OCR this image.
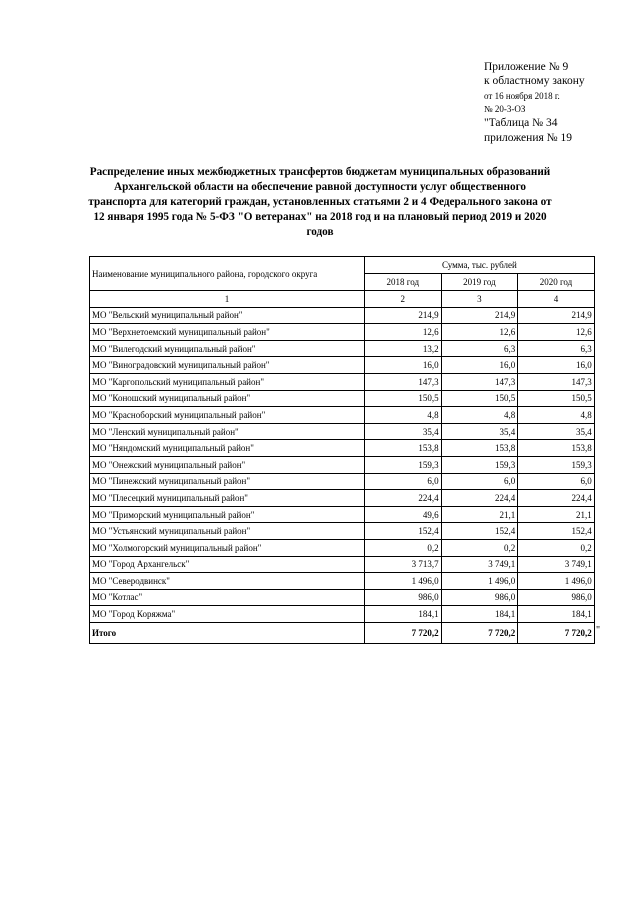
Приложение № 9
к областному закону
от 16 ноября 2018 г.
№ 20-3-ОЗ
"Таблица № 34
приложения № 19
Распределение иных межбюджетных трансфертов бюджетам муниципальных образований Архангельской области на обеспечение равной доступности услуг общественного транспорта для категорий граждан, установленных статьями 2 и 4 Федерального закона от 12 января 1995 года № 5-ФЗ "О ветеранах" на 2018 год и на плановый период 2019 и 2020 годов
Наименование муниципального района, городского округа	Сумма, тыс. рублей		
	2018 год	2019 год	2020 год
1	2	3	4
МО "Вельский муниципальный район"	214,9	214,9	214,9
МО "Верхнетоемский муниципальный район"	12,6	12,6	12,6
МО "Вилегодский муниципальный район"	13,2	6,3	6,3
МО "Виноградовский муниципальный район"	16,0	16,0	16,0
МО "Каргопольский муниципальный район"	147,3	147,3	147,3
МО "Коношский муниципальный район"	150,5	150,5	150,5
МО "Красноборский муниципальный район"	4,8	4,8	4,8
МО "Ленский муниципальный район"	35,4	35,4	35,4
МО "Няндомский муниципальный район"	153,8	153,8	153,8
МО "Онежский муниципальный район"	159,3	159,3	159,3
МО "Пинежский муниципальный район"	6,0	6,0	6,0
МО "Плесецкий муниципальный район"	224,4	224,4	224,4
МО "Приморский муниципальный район"	49,6	21,1	21,1
МО "Устьянский муниципальный район"	152,4	152,4	152,4
МО "Холмогорский муниципальный район"	0,2	0,2	0,2
МО "Город Архангельск"	3 713,7	3 749,1	3 749,1
МО "Северодвинск"	1 496,0	1 496,0	1 496,0
МО "Котлас"	986,0	986,0	986,0
МО "Город Коряжма"	184,1	184,1	184,1
Итого	7 720,2	7 720,2	7 720,2 "
